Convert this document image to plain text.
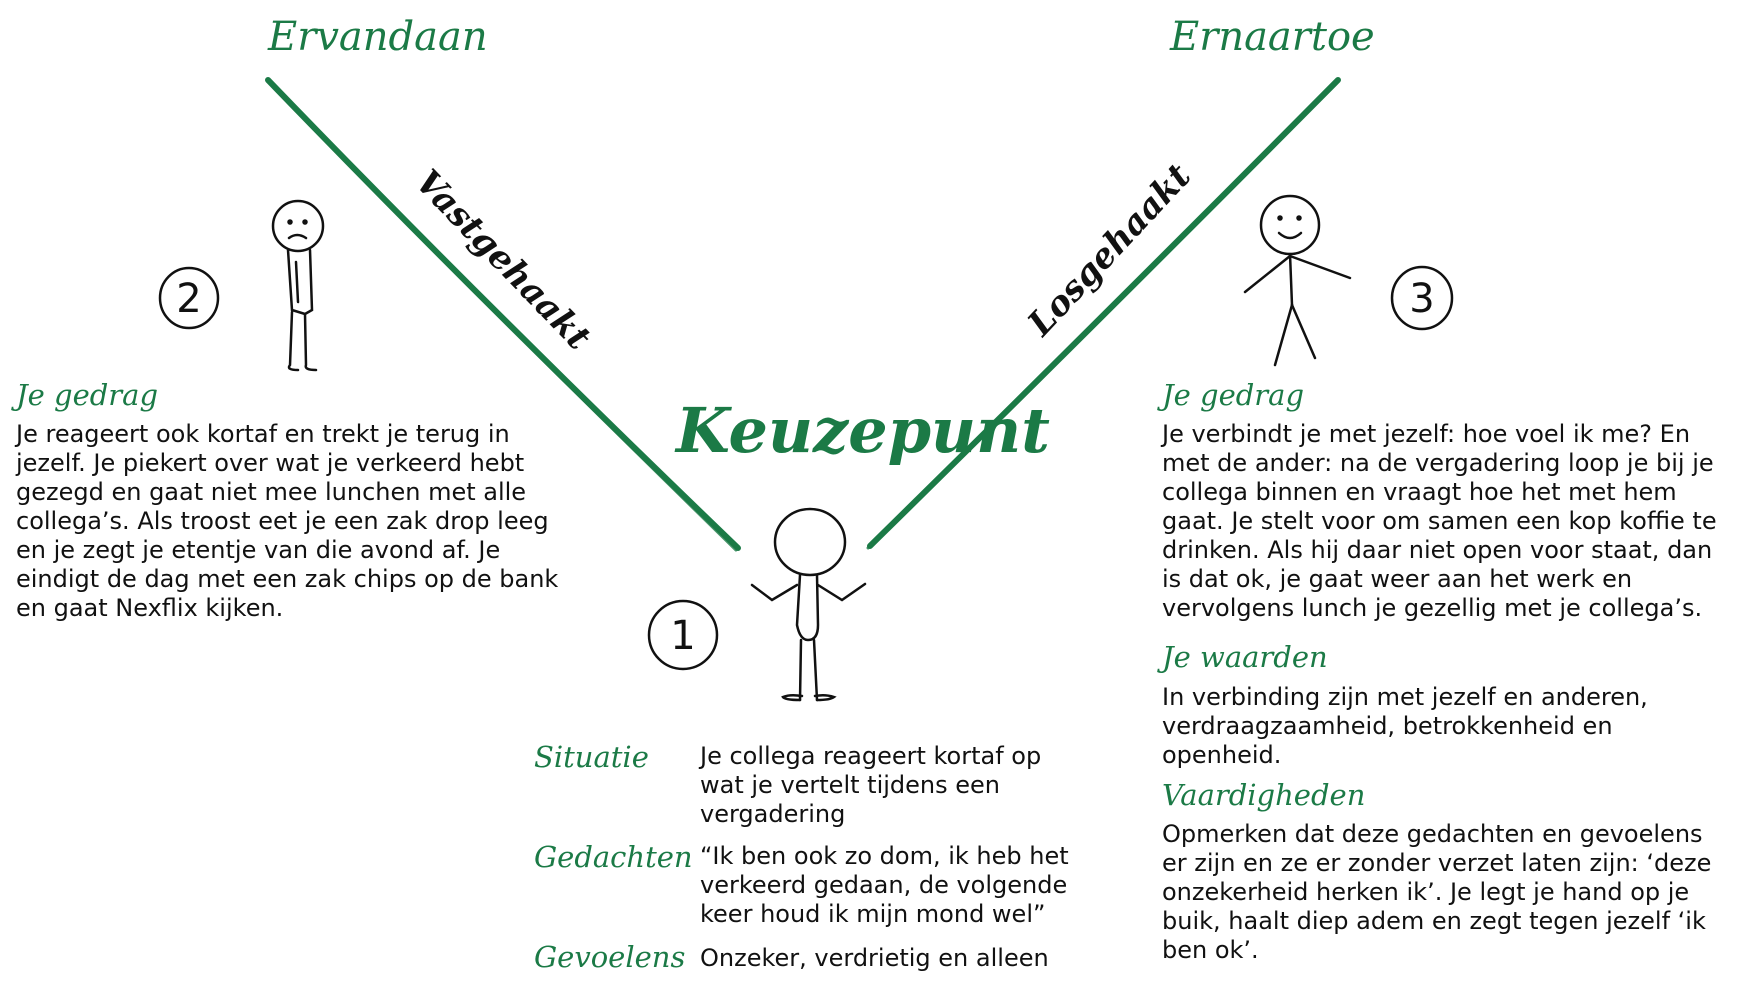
1
2	3
Ervandaan	Ernaartoe
Vastgehaakt	Losgehaakt
Keuzepunt
Je gedrag

Je reageert ook kortaf en trekt je terug in jezelf. Je piekert over wat je verkeerd hebt gezegd en gaat niet mee lunchen met alle collega’s. Als troost eet je een zak drop leeg en je zegt je etentje van die avond af. Je eindigt de dag met een zak chips op de bank en gaat Nexflix kijken.

Situatie Je collega reageert kortaf op wat je vertelt tijdens een vergadering

Gedachten “Ik ben ook zo dom, ik heb het verkeerd gedaan, de volgende keer houd ik mijn mond wel”

Gevoelens Onzeker, verdrietig en alleen

Je gedrag

Je verbindt je met jezelf: hoe voel ik me? En met de ander: na de vergadering loop je bij je collega binnen en vraagt hoe het met hem gaat. Je stelt voor om samen een kop koffie te drinken. Als hij daar niet open voor staat, dan is dat ok, je gaat weer aan het werk en vervolgens lunch je gezellig met je collega’s.

Je waarden

In verbinding zijn met jezelf en anderen, verdraagzaamheid, betrokkenheid en openheid.

Vaardigheden

Opmerken dat deze gedachten en gevoelens er zijn en ze er zonder verzet laten zijn: ‘deze onzekerheid herken ik’. Je legt je hand op je buik, haalt diep adem en zegt tegen jezelf ‘ik ben ok’.
